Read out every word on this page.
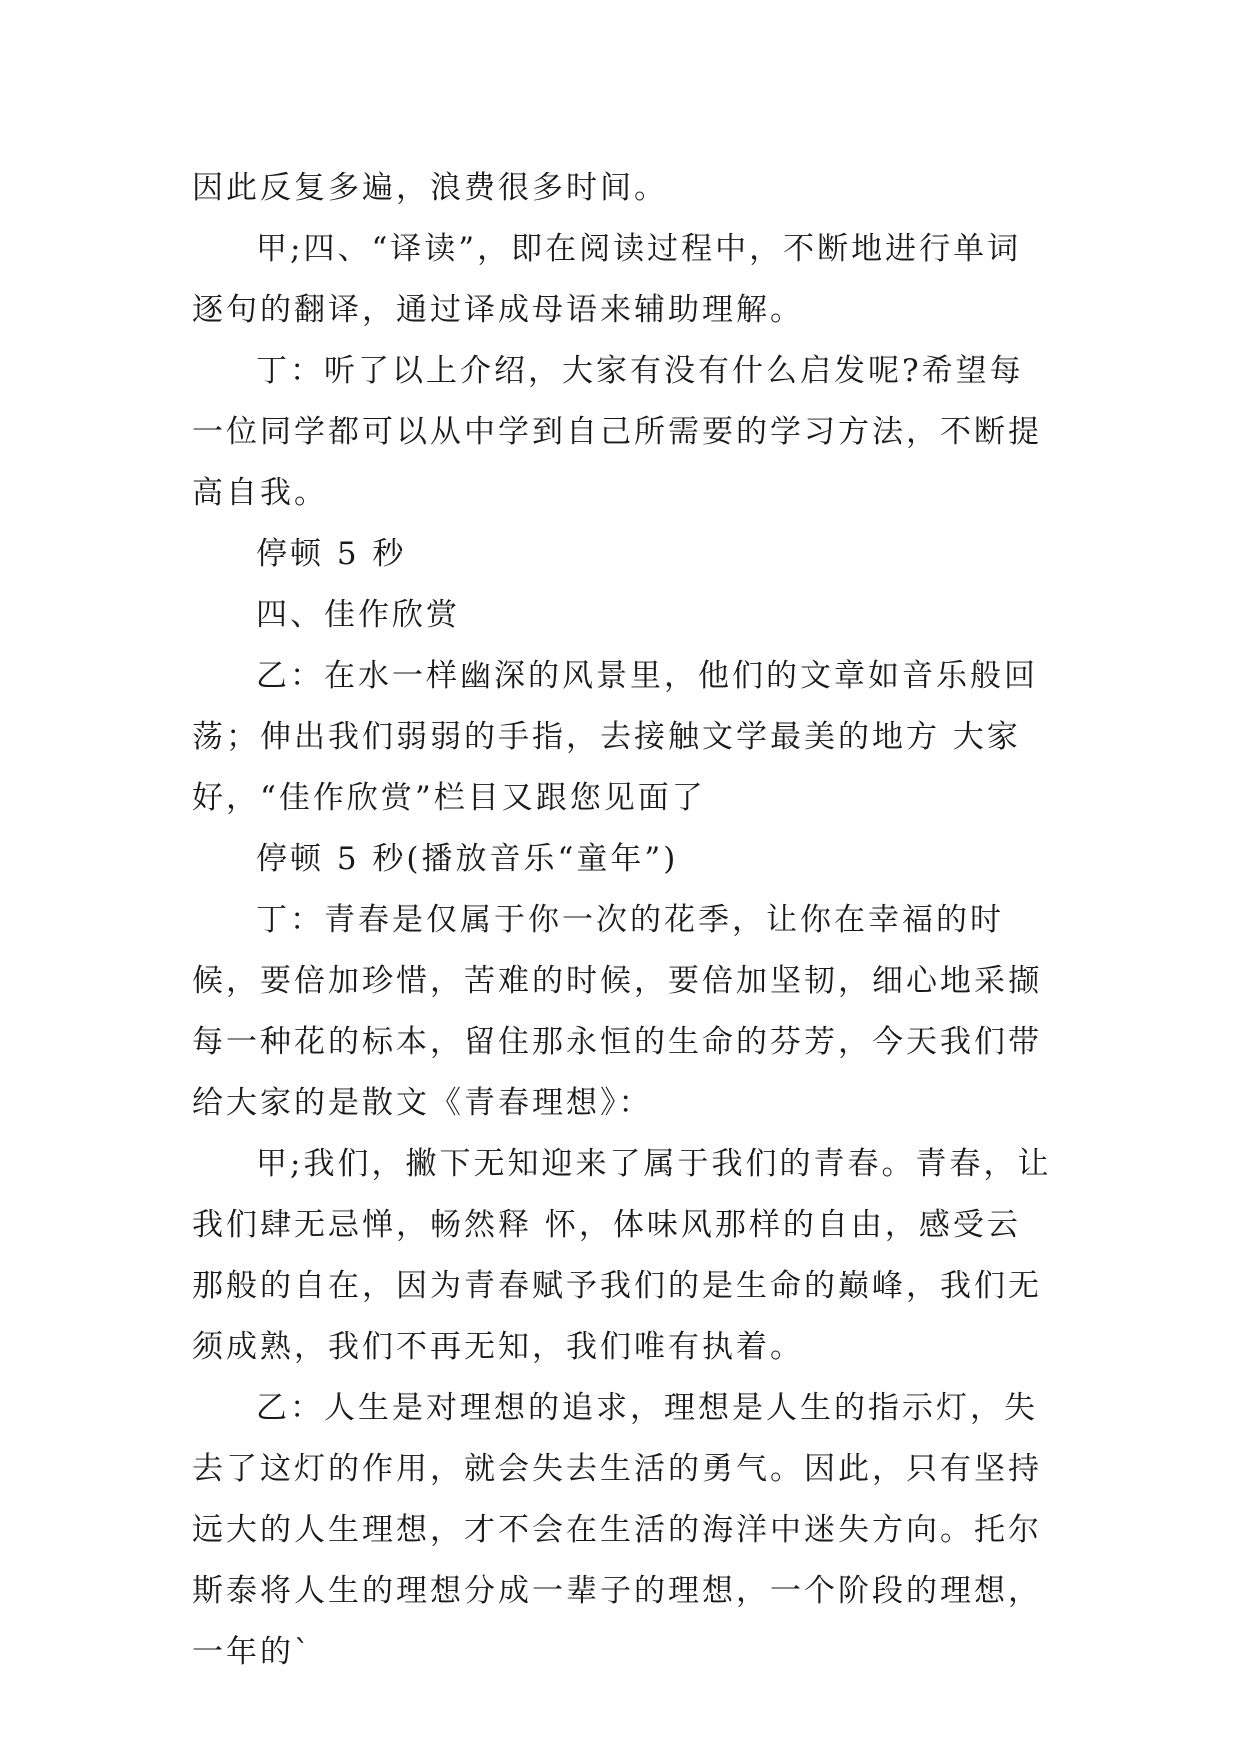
因此反复多遍，浪费很多时间。

甲;四、“译读”，即在阅读过程中，不断地进行单词逐句的翻译，通过译成母语来辅助理解。

丁：听了以上介绍，大家有没有什么启发呢?希望每一位同学都可以从中学到自己所需要的学习方法，不断提高自我。

停顿 5 秒

四、佳作欣赏

乙：在水一样幽深的风景里，他们的文章如音乐般回荡；伸出我们弱弱的手指，去接触文学最美的地方 大家好，“佳作欣赏”栏目又跟您见面了

停顿 5 秒(播放音乐“童年”)

丁：青春是仅属于你一次的花季，让你在幸福的时候，要倍加珍惜，苦难的时候，要倍加坚韧，细心地采撷每一种花的标本，留住那永恒的生命的芬芳，今天我们带给大家的是散文《青春理想》：

甲;我们，撇下无知迎来了属于我们的青春。青春，让我们肆无忌惮，畅然释 怀，体味风那样的自由，感受云那般的自在，因为青春赋予我们的是生命的巅峰，我们无须成熟，我们不再无知，我们唯有执着。

乙：人生是对理想的追求，理想是人生的指示灯，失去了这灯的作用，就会失去生活的勇气。因此，只有坚持远大的人生理想，才不会在生活的海洋中迷失方向。托尔斯泰将人生的理想分成一辈子的理想，一个阶段的理想，一年的`
